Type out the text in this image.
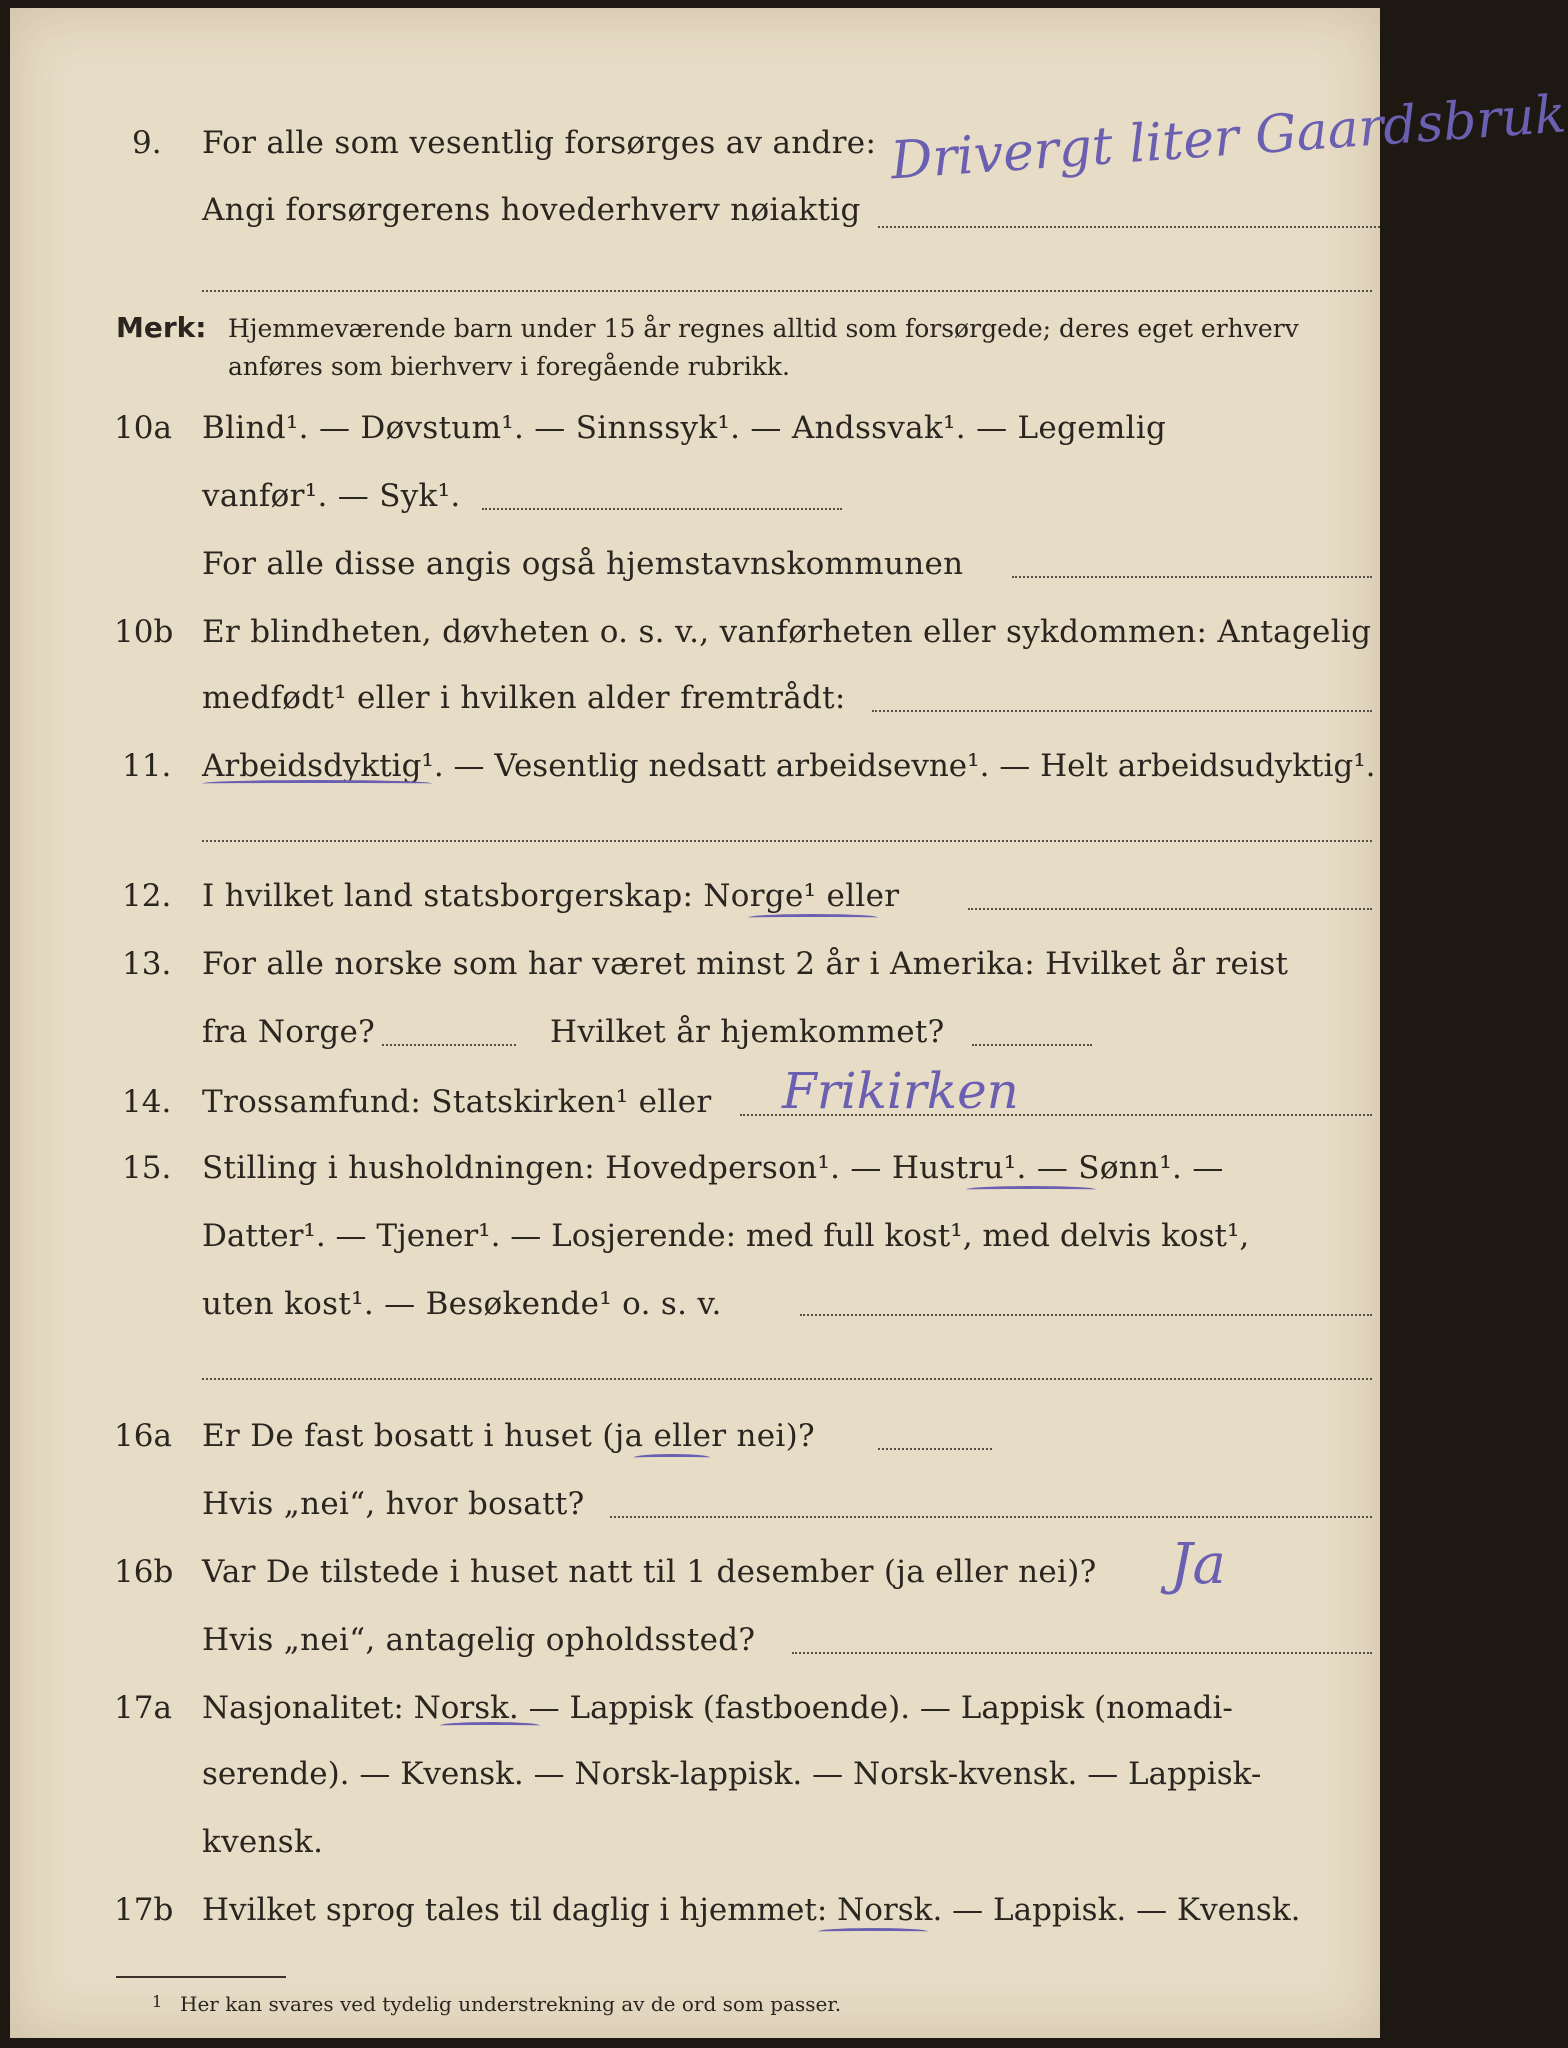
9. For alle som vesentlig forsørges av andre:
Angi forsørgerens hovederhverv nøiaktig
Drivergt liter Gaardsbruk
Merk: Hjemmeværende barn under 15 år regnes alltid som forsørgede; deres eget erhverv
anføres som bierhverv i foregående rubrikk.
10a Blind¹. — Døvstum¹. — Sinnssyk¹. — Andssvak¹. — Legemlig
vanfør¹. — Syk¹.
For alle disse angis også hjemstavnskommunen
10b Er blindheten, døvheten o. s. v., vanførheten eller sykdommen: Antagelig
medfødt¹ eller i hvilken alder fremtrådt:
11. Arbeidsdyktig¹. — Vesentlig nedsatt arbeidsevne¹. — Helt arbeidsudyktig¹.
12. I hvilket land statsborgerskap: Norge¹ eller
13. For alle norske som har været minst 2 år i Amerika: Hvilket år reist
fra Norge?	Hvilket år hjemkommet?
14. Trossamfund: Statskirken¹ eller Frikirken
15. Stilling i husholdningen: Hovedperson¹. — Hustru¹. — Sønn¹. —
Datter¹. — Tjener¹. — Losjerende: med full kost¹, med delvis kost¹,
uten kost¹. — Besøkende¹ o. s. v.
16a Er De fast bosatt i huset (ja eller nei)?
Hvis „nei“, hvor bosatt?
16b Var De tilstede i huset natt til 1 desember (ja eller nei)? Ja
Hvis „nei“, antagelig opholdssted?
17a Nasjonalitet: Norsk. — Lappisk (fastboende). — Lappisk (nomadi-
serende). — Kvensk. — Norsk-lappisk. — Norsk-kvensk. — Lappisk-
kvensk.
17b Hvilket sprog tales til daglig i hjemmet: Norsk. — Lappisk. — Kvensk.
1 Her kan svares ved tydelig understrekning av de ord som passer.
